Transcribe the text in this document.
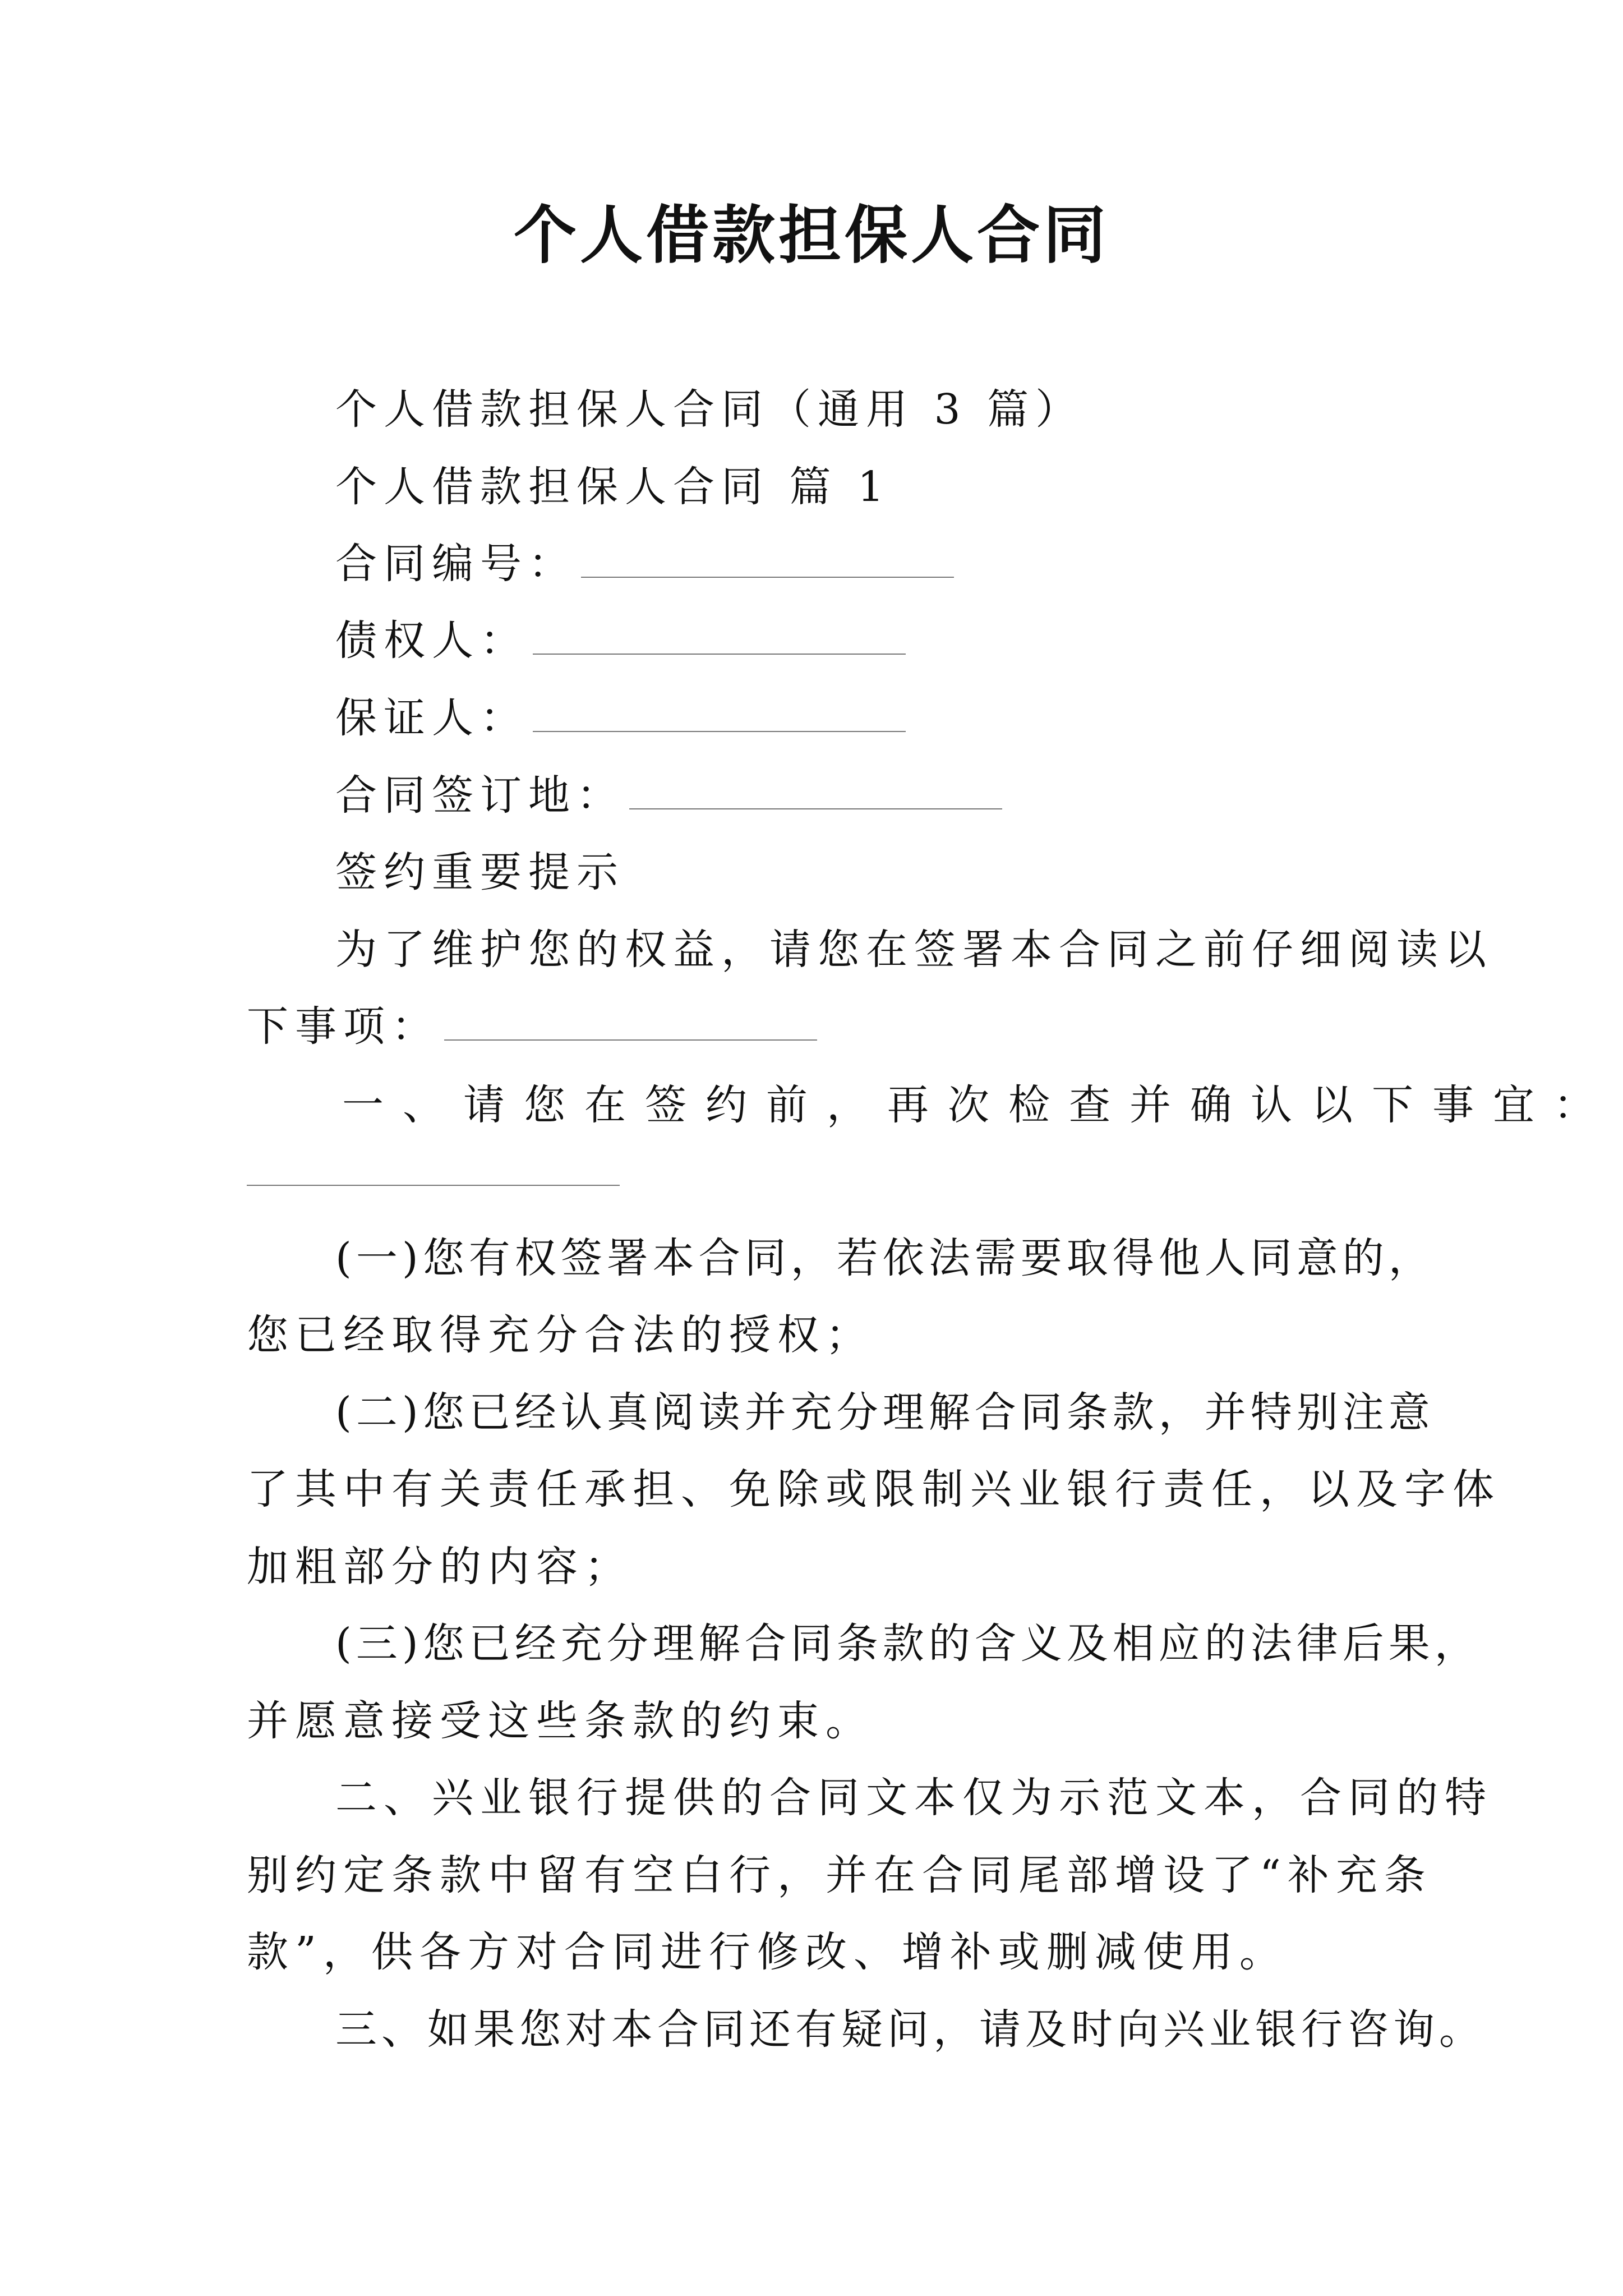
个人借款担保人合同
个人借款担保人合同（通用 3 篇）
个人借款担保人合同 篇 1
合同编号：
债权人：
保证人：
合同签订地：
签约重要提示
为了维护您的权益，请您在签署本合同之前仔细阅读以
下事项：
一、请您在签约前，再次检查并确认以下事宜：
(一)您有权签署本合同，若依法需要取得他人同意的，
您已经取得充分合法的授权；
(二)您已经认真阅读并充分理解合同条款，并特别注意
了其中有关责任承担、免除或限制兴业银行责任，以及字体
加粗部分的内容；
(三)您已经充分理解合同条款的含义及相应的法律后果，
并愿意接受这些条款的约束。
二、兴业银行提供的合同文本仅为示范文本，合同的特
别约定条款中留有空白行，并在合同尾部增设了“补充条
款”，供各方对合同进行修改、增补或删减使用。
三、如果您对本合同还有疑问，请及时向兴业银行咨询。
